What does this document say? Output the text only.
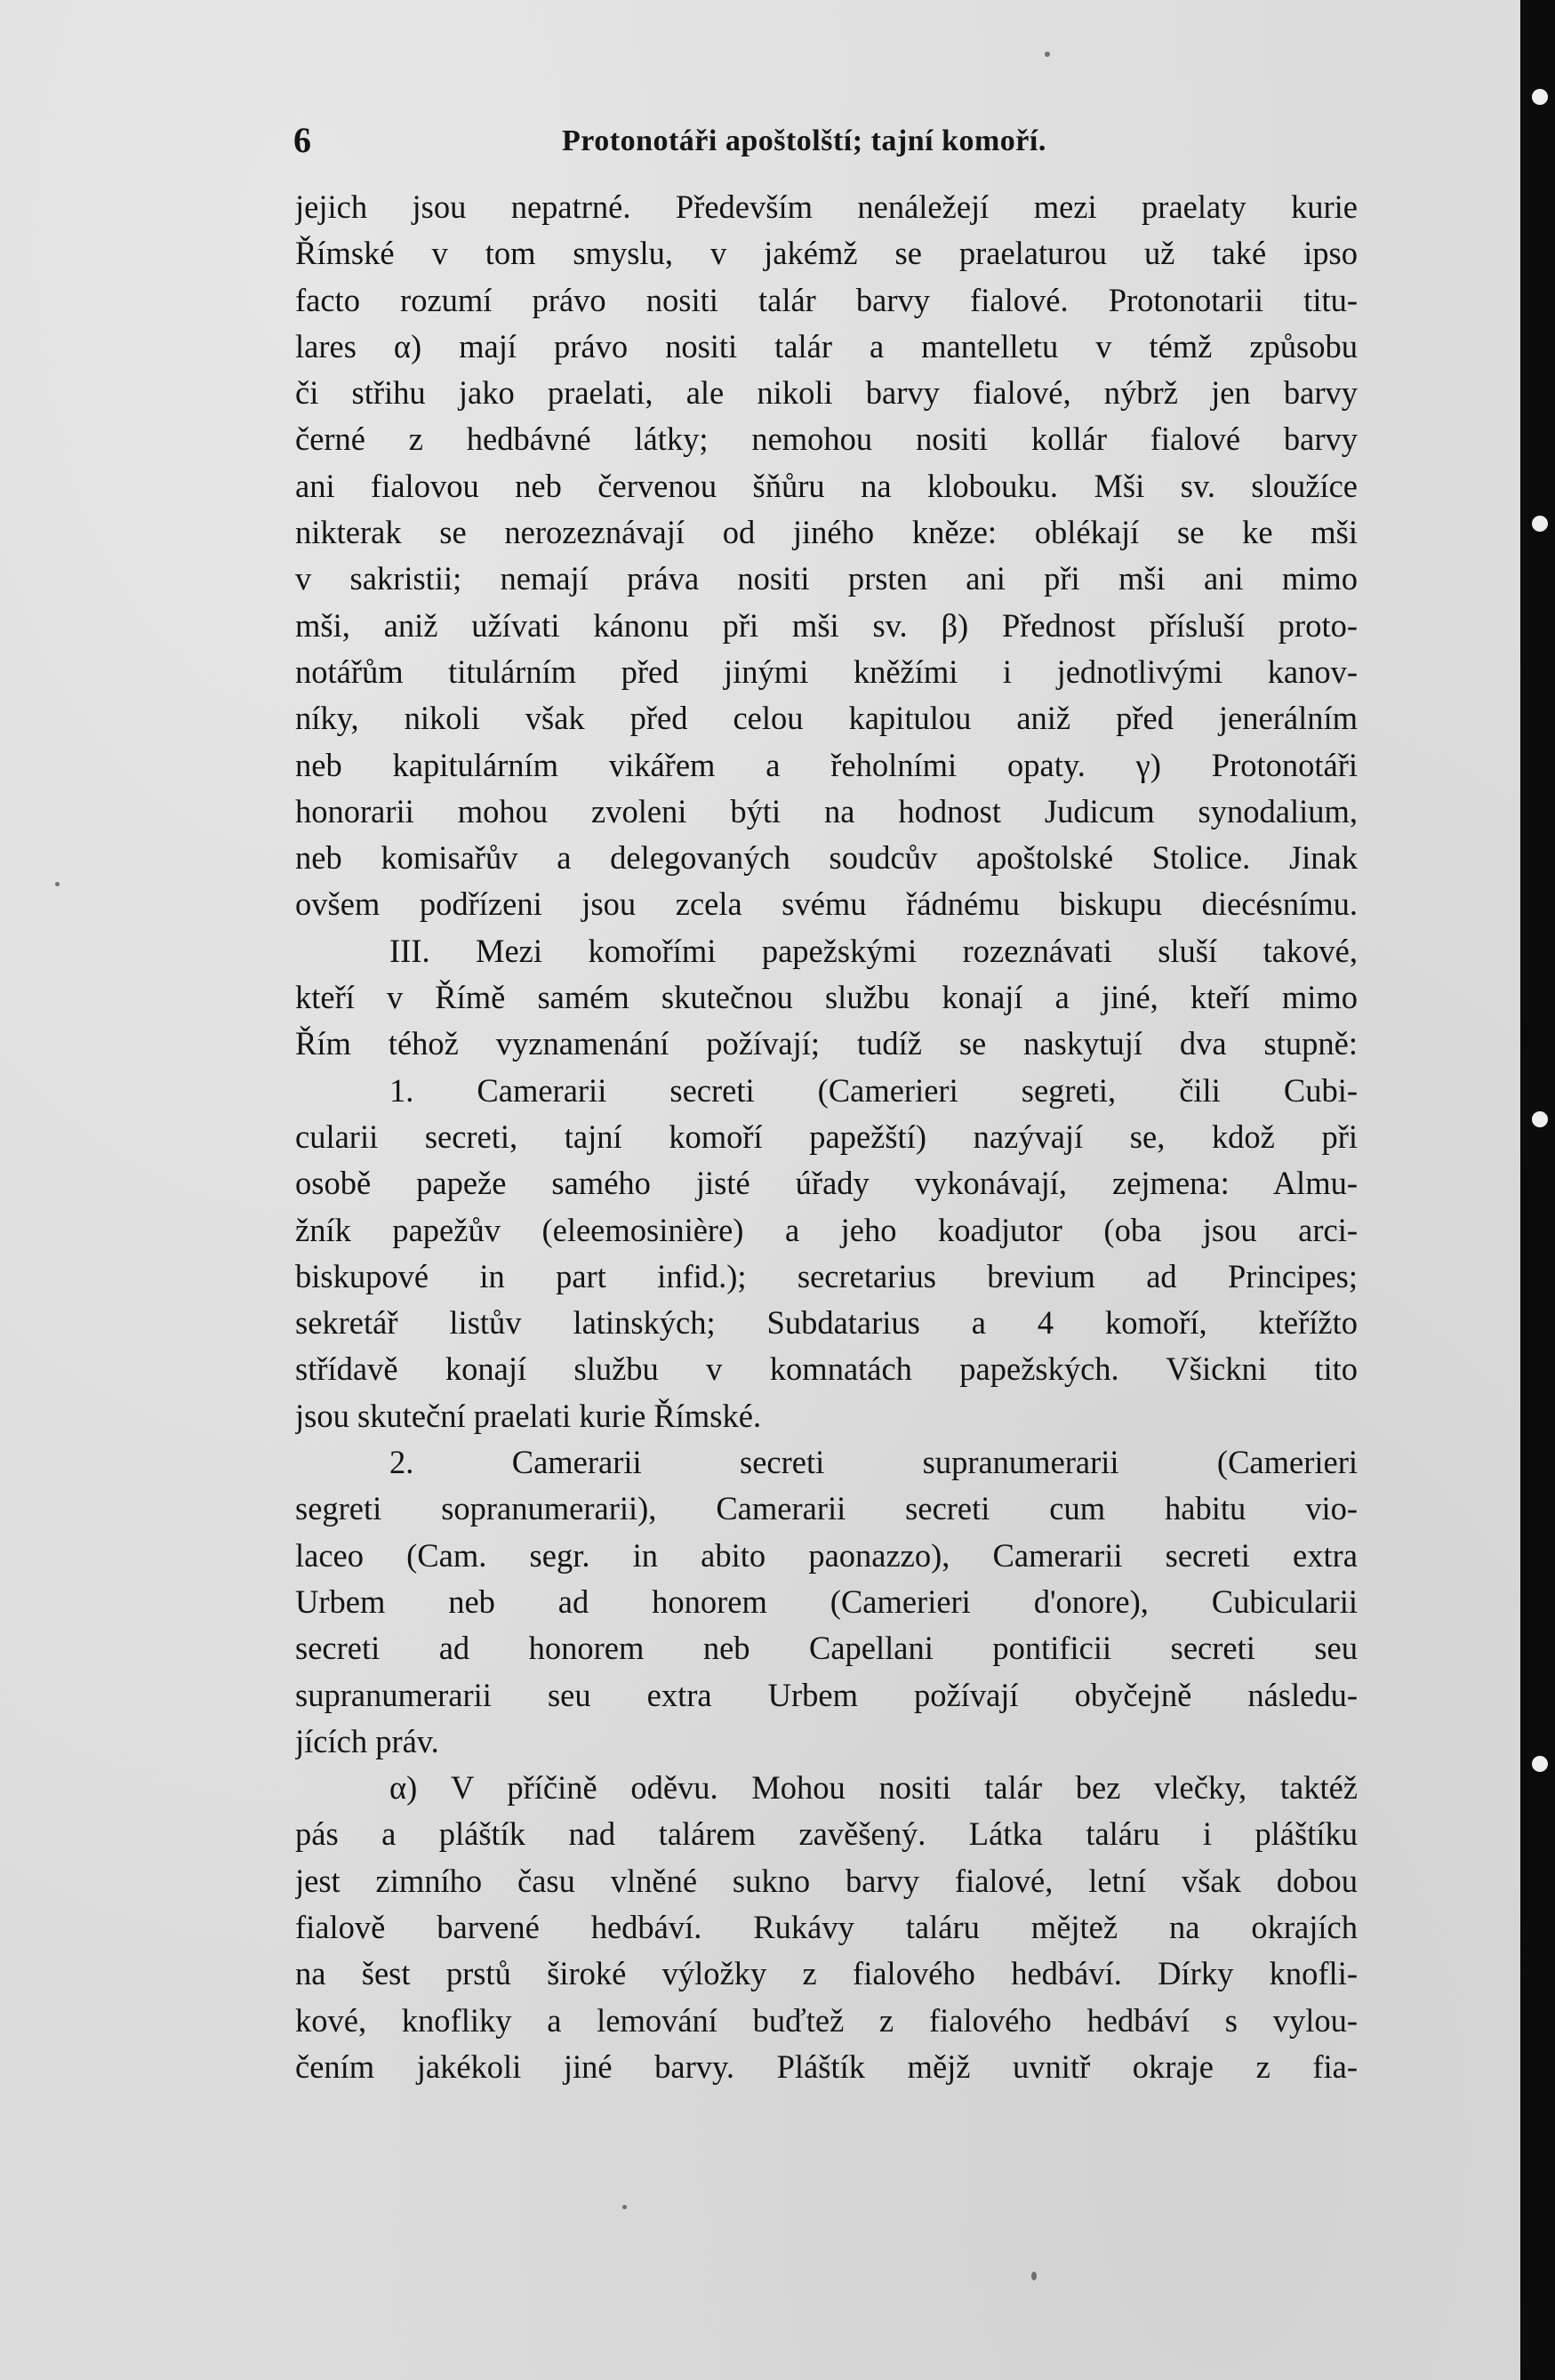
6	Protonotáři apoštolští; tajní komoří.
jejich jsou nepatrné. Především nenáležejí mezi praelaty kurie
Římské v tom smyslu, v jakémž se praelaturou už také ipso
facto rozumí právo nositi talár barvy fialové. Protonotarii titu-
lares α) mají právo nositi talár a mantelletu v témž způsobu
či střihu jako praelati, ale nikoli barvy fialové, nýbrž jen barvy
černé z hedbávné látky; nemohou nositi kollár fialové barvy
ani fialovou neb červenou šňůru na klobouku. Mši sv. sloužíce
nikterak se nerozeznávají od jiného kněze: oblékají se ke mši
v sakristii; nemají práva nositi prsten ani při mši ani mimo
mši, aniž užívati kánonu při mši sv. β) Přednost přísluší proto-
notářům titulárním před jinými kněžími i jednotlivými kanov-
níky, nikoli však před celou kapitulou aniž před jenerálním
neb kapitulárním vikářem a řeholními opaty. γ) Protonotáři
honorarii mohou zvoleni býti na hodnost Judicum synodalium,
neb komisařův a delegovaných soudcův apoštolské Stolice. Jinak
ovšem podřízeni jsou zcela svému řádnému biskupu diecésnímu.
III. Mezi komořími papežskými rozeznávati sluší takové,
kteří v Římě samém skutečnou službu konají a jiné, kteří mimo
Řím téhož vyznamenání požívají; tudíž se naskytují dva stupně:
1. Camerarii secreti (Camerieri segreti, čili Cubi-
cularii secreti, tajní komoří papežští) nazývají se, kdož při
osobě papeže samého jisté úřady vykonávají, zejmena: Almu-
žník papežův (eleemosinière) a jeho koadjutor (oba jsou arci-
biskupové in part infid.); secretarius brevium ad Principes;
sekretář listův latinských; Subdatarius a 4 komoří, kteřížto
střídavě konají službu v komnatách papežských. Všickni tito
jsou skuteční praelati kurie Římské.
2. Camerarii secreti supranumerarii (Camerieri
segreti sopranumerarii), Camerarii secreti cum habitu vio-
laceo (Cam. segr. in abito paonazzo), Camerarii secreti extra
Urbem neb ad honorem (Camerieri d'onore), Cubicularii
secreti ad honorem neb Capellani pontificii secreti seu
supranumerarii seu extra Urbem požívají obyčejně následu-
jících práv.
α) V příčině oděvu. Mohou nositi talár bez vlečky, taktéž
pás a pláštík nad talárem zavěšený. Látka taláru i pláštíku
jest zimního času vlněné sukno barvy fialové, letní však dobou
fialově barvené hedbáví. Rukávy taláru mějtež na okrajích
na šest prstů široké výložky z fialového hedbáví. Dírky knofli-
kové, knofliky a lemování buďtež z fialového hedbáví s vylou-
čením jakékoli jiné barvy. Pláštík mějž uvnitř okraje z fia-
